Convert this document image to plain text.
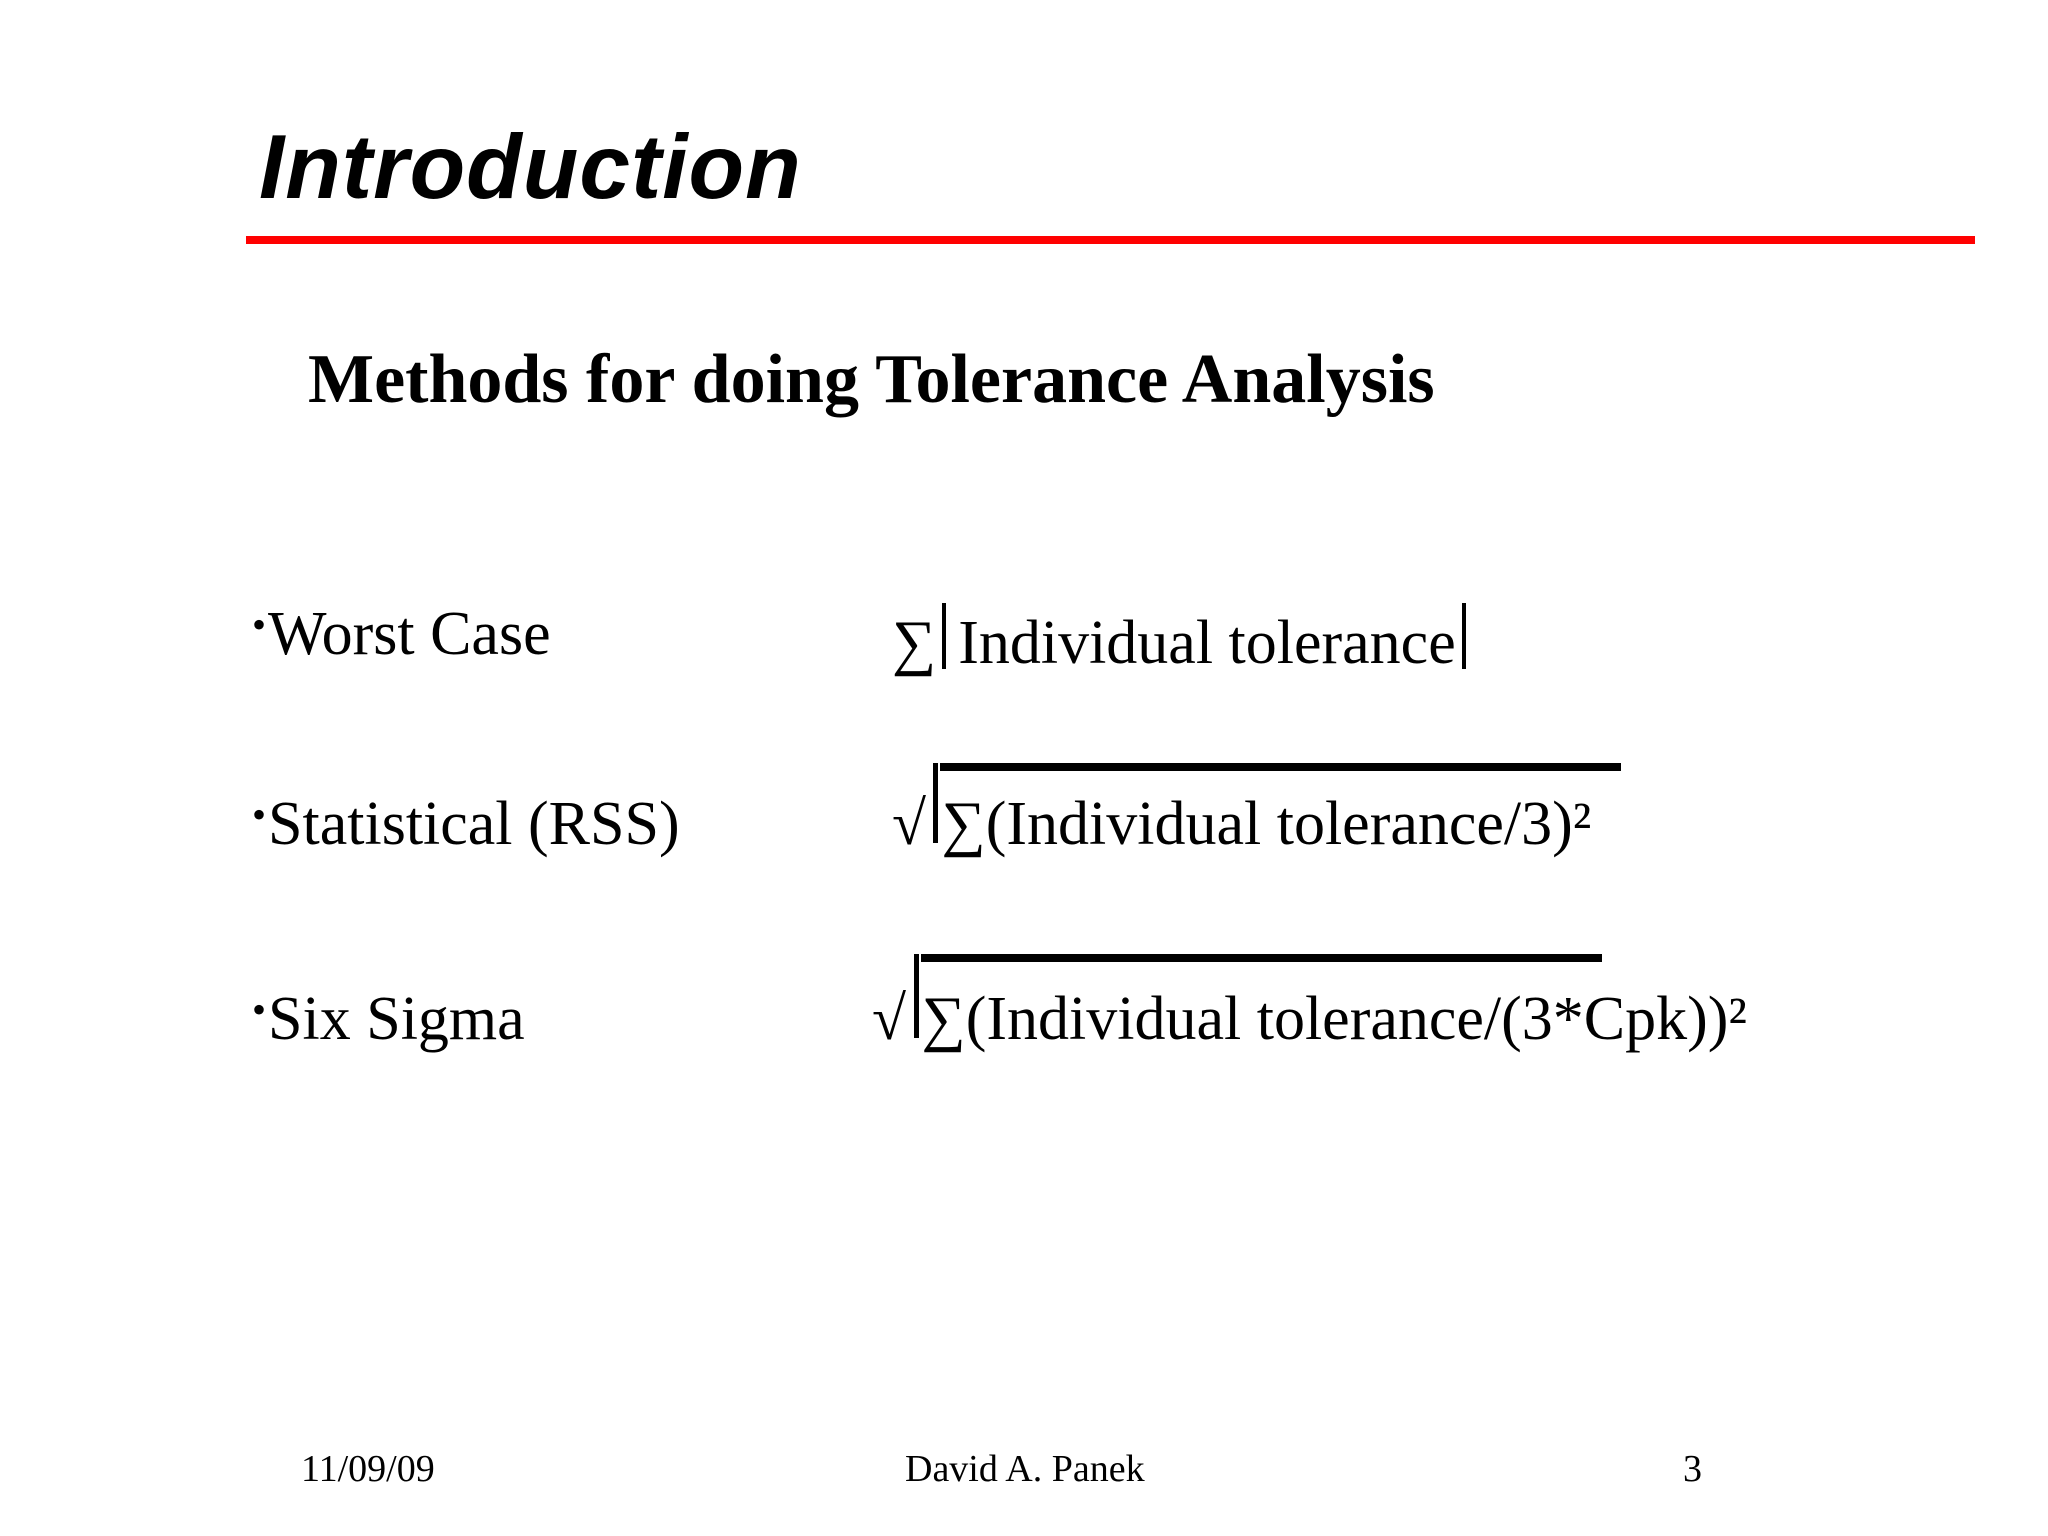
Introduction
Methods for doing Tolerance Analysis
•Worst Case	∑ Individual tolerance
•Statistical (RSS)	√ ∑(Individual tolerance/3)²
•Six Sigma	√ ∑(Individual tolerance/(3*Cpk))²
11/09/09	David A. Panek	3
